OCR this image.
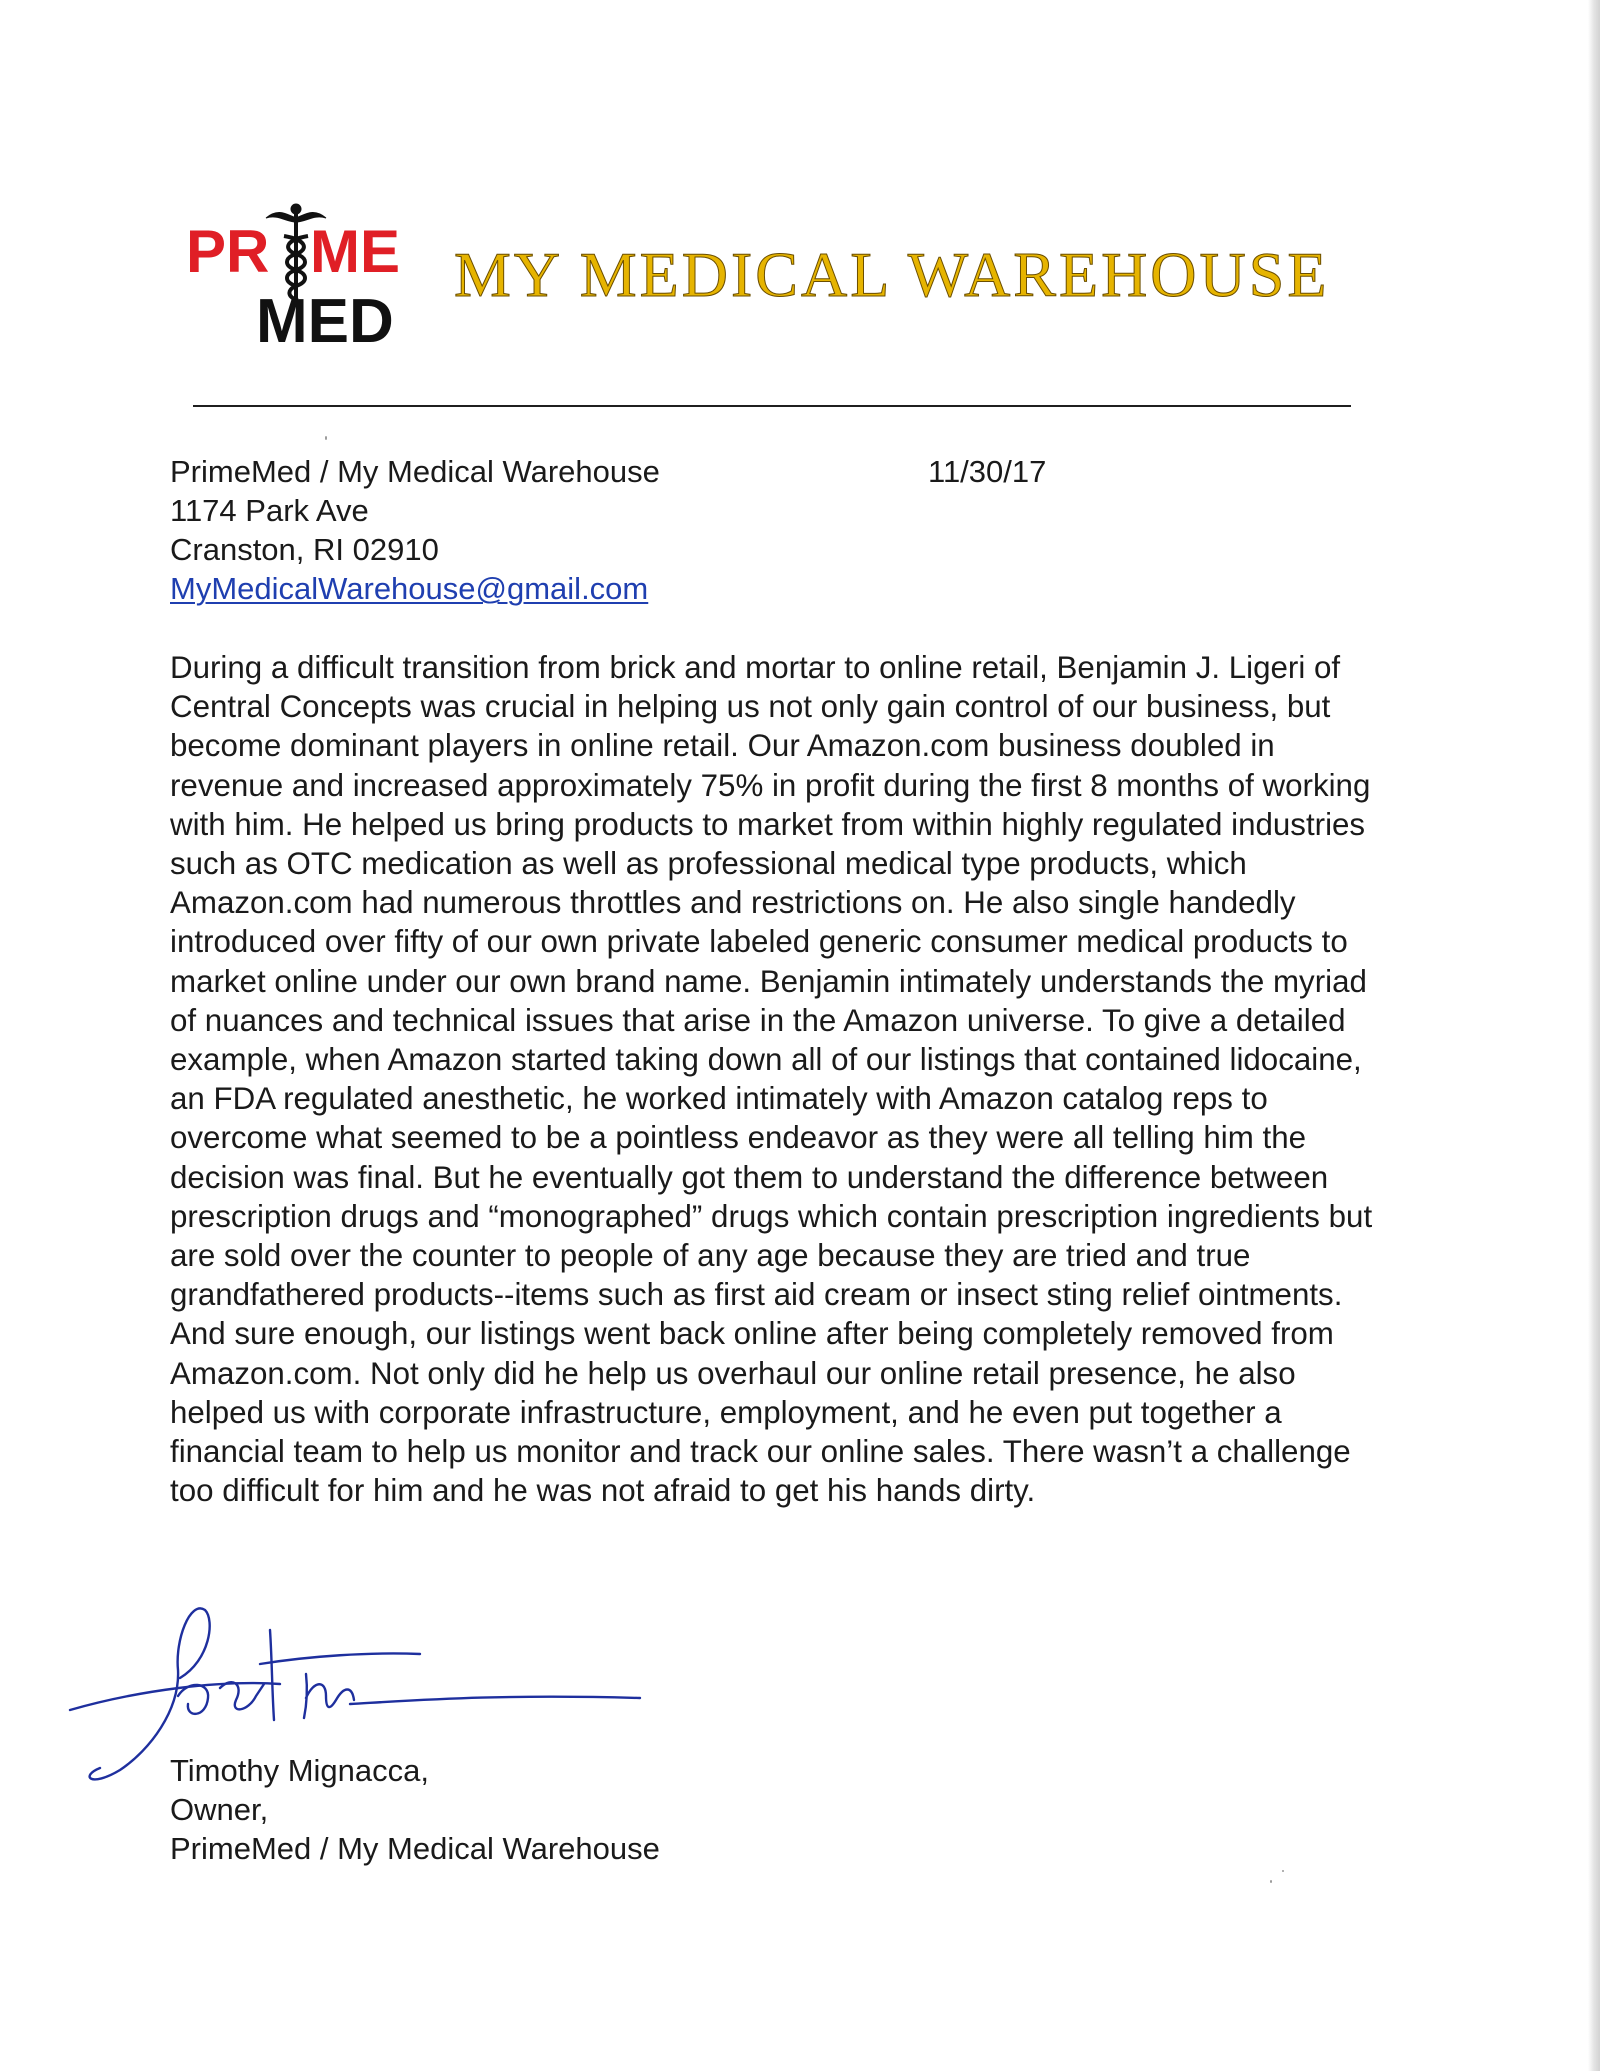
PR ME
MED
MY MEDICAL WAREHOUSE
PrimeMed / My Medical Warehouse
1174 Park Ave
Cranston, RI 02910
MyMedicalWarehouse@gmail.com
11/30/17

During a difficult transition from brick and mortar to online retail, Benjamin J. Ligeri of Central Concepts was crucial in helping us not only gain control of our business, but become dominant players in online retail. Our Amazon.com business doubled in revenue and increased approximately 75% in profit during the first 8 months of working with him. He helped us bring products to market from within highly regulated industries such as OTC medication as well as professional medical type products, which Amazon.com had numerous throttles and restrictions on. He also single handedly introduced over fifty of our own private labeled generic consumer medical products to market online under our own brand name. Benjamin intimately understands the myriad of nuances and technical issues that arise in the Amazon universe. To give a detailed example, when Amazon started taking down all of our listings that contained lidocaine, an FDA regulated anesthetic, he worked intimately with Amazon catalog reps to overcome what seemed to be a pointless endeavor as they were all telling him the decision was final. But he eventually got them to understand the difference between prescription drugs and “monographed” drugs which contain prescription ingredients but are sold over the counter to people of any age because they are tried and true grandfathered products--items such as first aid cream or insect sting relief ointments. And sure enough, our listings went back online after being completely removed from Amazon.com. Not only did he help us overhaul our online retail presence, he also helped us with corporate infrastructure, employment, and he even put together a financial team to help us monitor and track our online sales. There wasn’t a challenge too difficult for him and he was not afraid to get his hands dirty.

Timothy Mignacca,
Owner,
PrimeMed / My Medical Warehouse
